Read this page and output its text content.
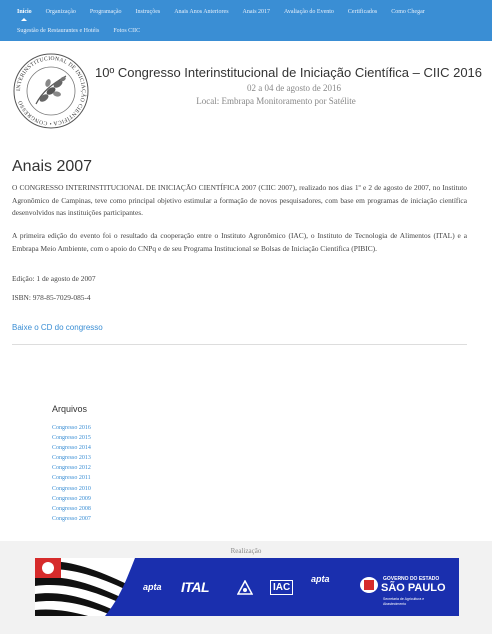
Início	Organização	Programação	Instruções	Anais Anos Anteriores	Anais 2017	Avaliação do Evento	Certificados	Como Chegar
Sugestão de Restaurantes e Hotéis	Fotos CIIC
INTERINSTITUCIONAL DE INICIAÇÃO CIENTÍFICA • CONGRESSO
10º Congresso Interinstitucional de Iniciação Científica – CIIC 2016
02 a 04 de agosto de 2016
Local: Embrapa Monitoramento por Satélite
Anais 2007

O CONGRESSO INTERINSTITUCIONAL DE INICIAÇÃO CIENTÍFICA 2007 (CIIC 2007), realizado nos dias 1º e 2 de agosto de 2007, no Instituto Agronômico de Campinas, teve como principal objetivo estimular a formação de novos pesquisadores, com base em programas de iniciação científica desenvolvidos nas instituições participantes.

A primeira edição do evento foi o resultado da cooperação entre o Instituto Agronômico (IAC), o Instituto de Tecnologia de Alimentos (ITAL) e a Embrapa Meio Ambiente, com o apoio do CNPq e de seu Programa Institucional se Bolsas de Iniciação Científica (PIBIC).

Edição: 1 de agosto de 2007
ISBN: 978-85-7029-085-4
Baixe o CD do congresso
Arquivos
Congresso 2016
Congresso 2015
Congresso 2014
Congresso 2013
Congresso 2012
Congresso 2011
Congresso 2010
Congresso 2009
Congresso 2008
Congresso 2007
Realização
apta ITAL	IAC
apta	GOVERNO DO ESTADO
SÃO PAULO
Secretaria de Agricultura e Abastecimento
